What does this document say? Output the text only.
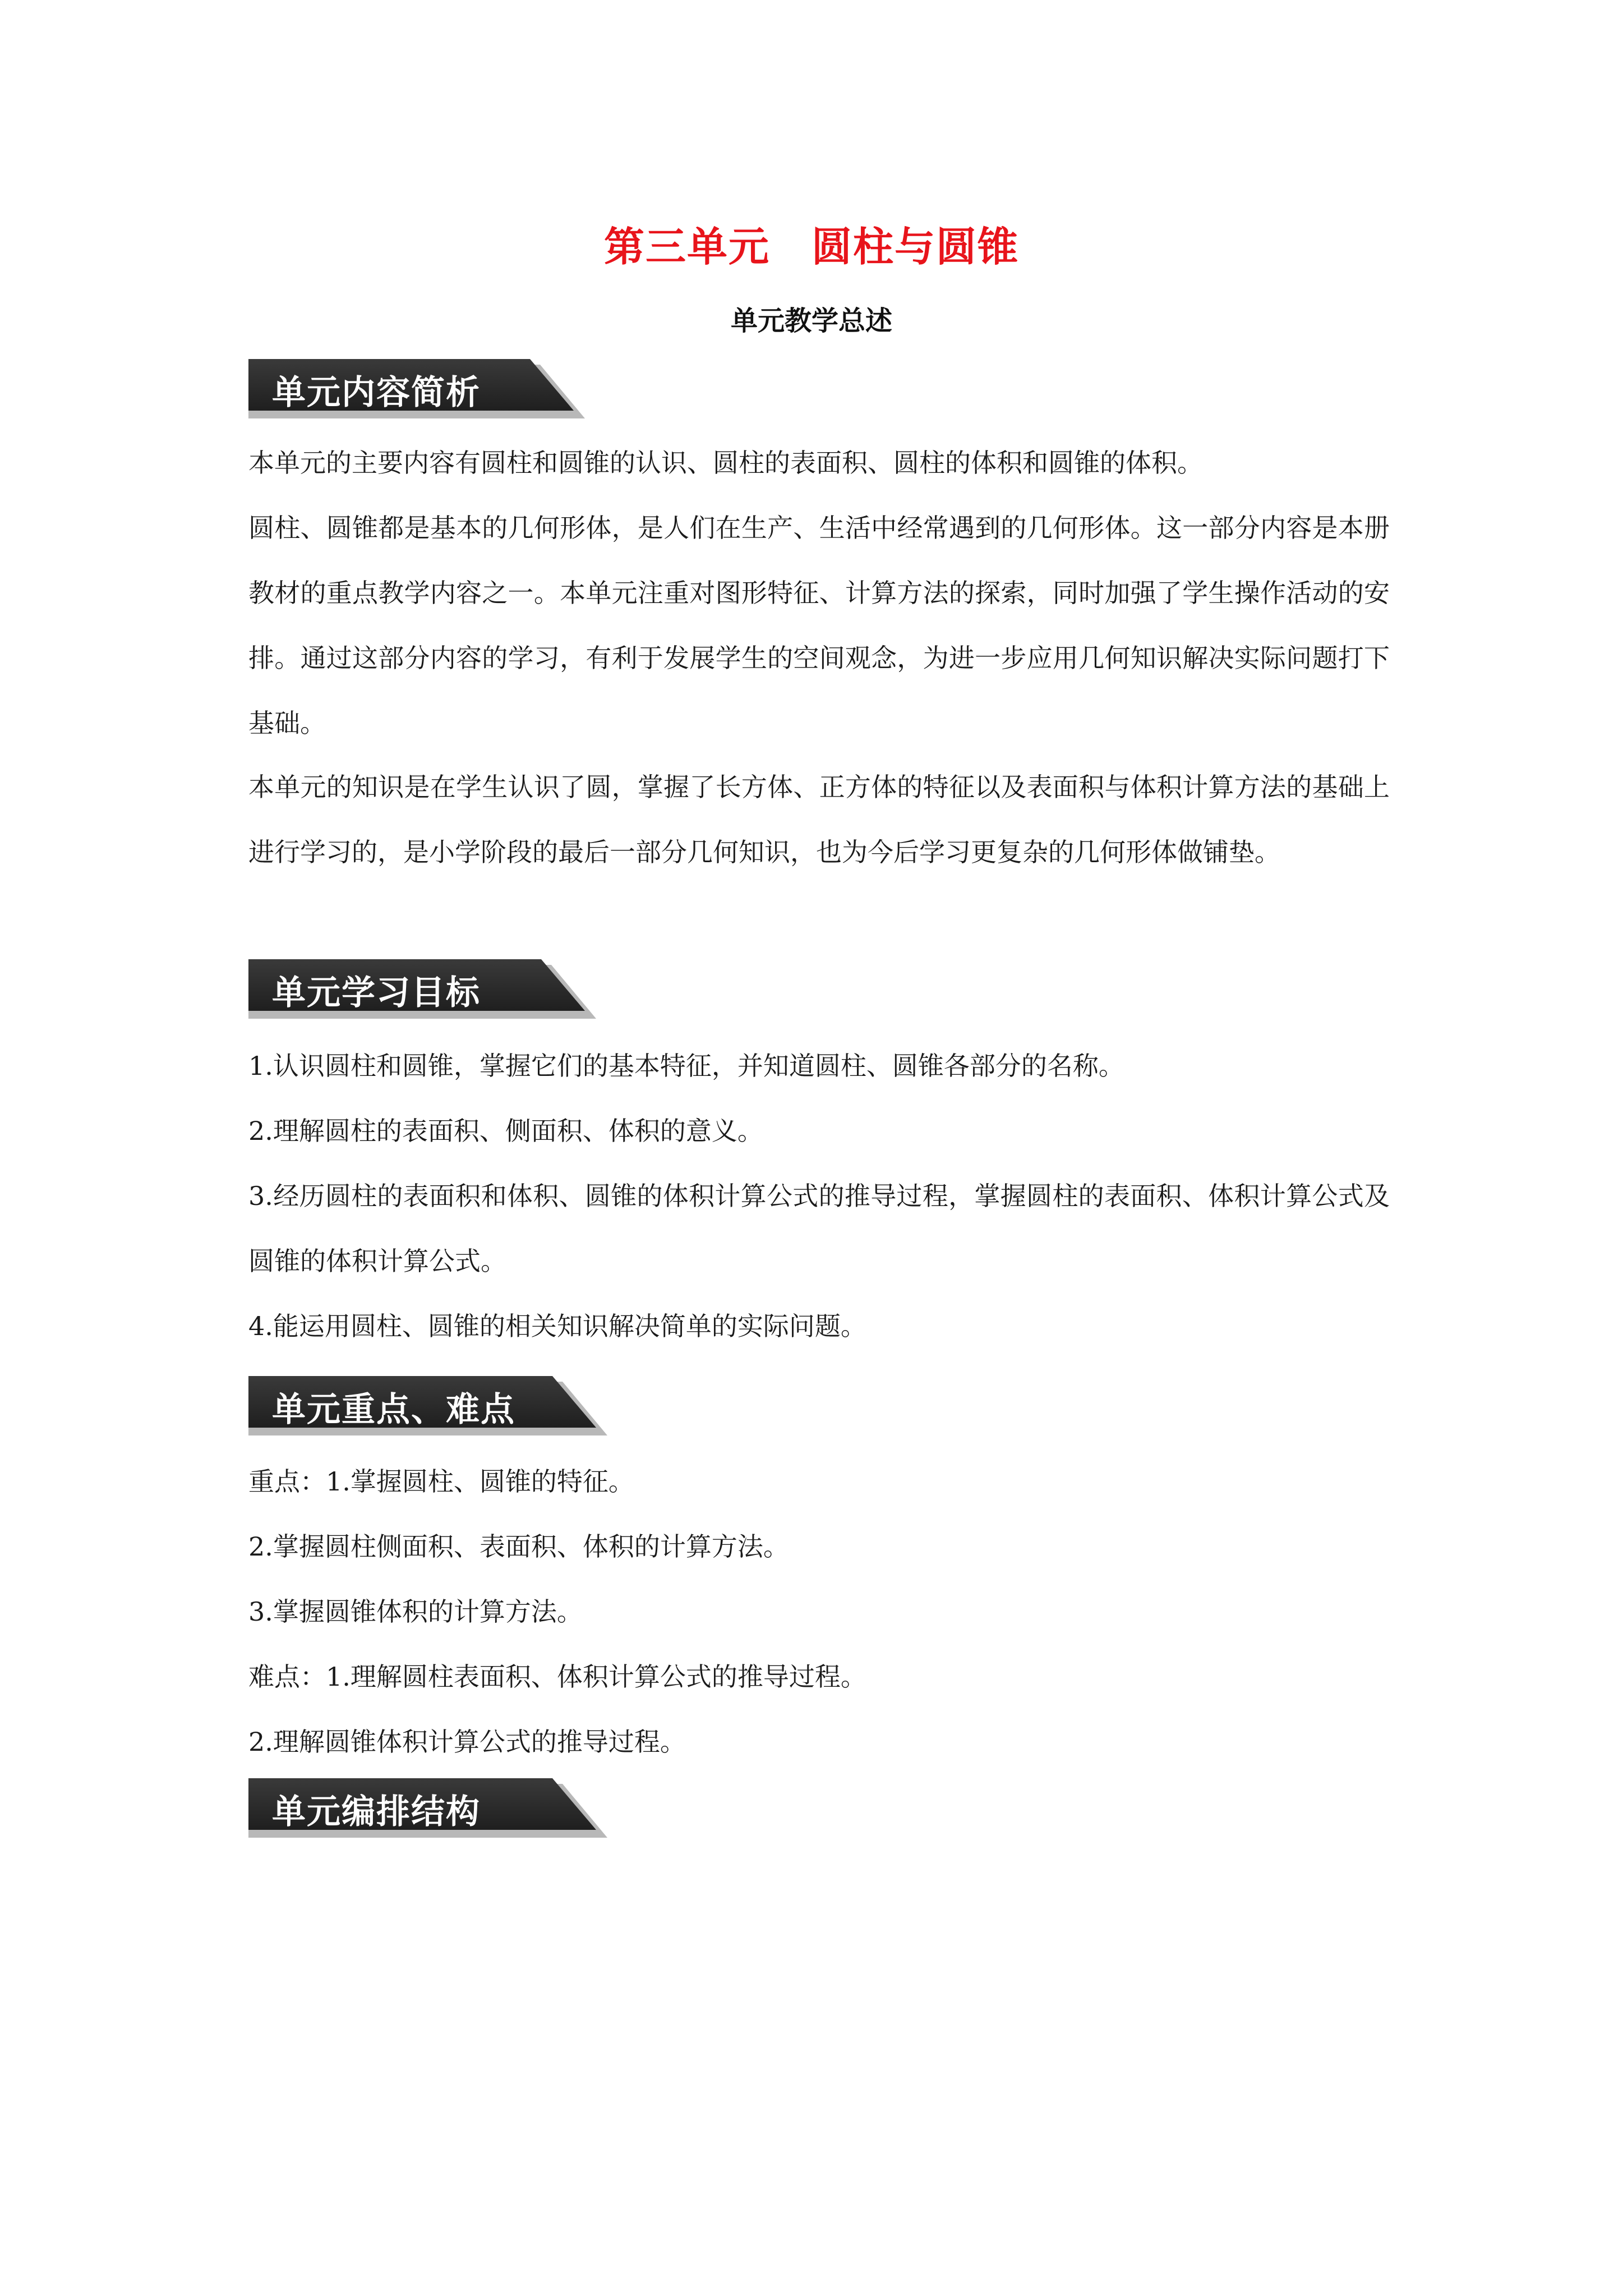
第三单元　圆柱与圆锥
单元教学总述
单元内容简析
本单元的主要内容有圆柱和圆锥的认识、圆柱的表面积、圆柱的体积和圆锥的体积。
圆柱、圆锥都是基本的几何形体，是人们在生产、生活中经常遇到的几何形体。这一部分内容是本册教材的重点教学内容之一。本单元注重对图形特征、计算方法的探索，同时加强了学生操作活动的安排。通过这部分内容的学习，有利于发展学生的空间观念，为进一步应用几何知识解决实际问题打下基础。
本单元的知识是在学生认识了圆，掌握了长方体、正方体的特征以及表面积与体积计算方法的基础上进行学习的，是小学阶段的最后一部分几何知识，也为今后学习更复杂的几何形体做铺垫。
单元学习目标
1.认识圆柱和圆锥，掌握它们的基本特征，并知道圆柱、圆锥各部分的名称。
2.理解圆柱的表面积、侧面积、体积的意义。
3.经历圆柱的表面积和体积、圆锥的体积计算公式的推导过程，掌握圆柱的表面积、体积计算公式及圆锥的体积计算公式。
4.能运用圆柱、圆锥的相关知识解决简单的实际问题。
单元重点、难点
重点：1.掌握圆柱、圆锥的特征。
2.掌握圆柱侧面积、表面积、体积的计算方法。
3.掌握圆锥体积的计算方法。
难点：1.理解圆柱表面积、体积计算公式的推导过程。
2.理解圆锥体积计算公式的推导过程。
单元编排结构
